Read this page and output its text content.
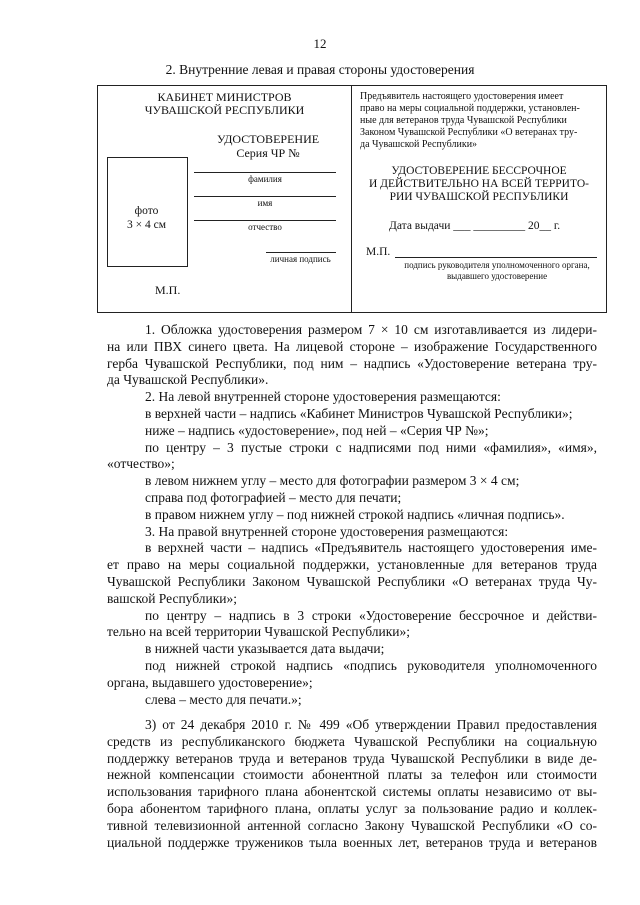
12
2. Внутренние левая и правая стороны удостоверения
КАБИНЕТ МИНИСТРОВ
ЧУВАШСКОЙ РЕСПУБЛИКИ
УДОСТОВЕРЕНИЕ
Серия ЧР №
фамилия
имя
отчество
фото
3 × 4 см
личная подпись
М.П.
Предъявитель настоящего удостоверения имеет
право на меры социальной поддержки, установлен-
ные для ветеранов труда Чувашской Республики
Законом Чувашской Республики «О ветеранах тру-
да Чувашской Республики»
УДОСТОВЕРЕНИЕ БЕССРОЧНОЕ
И ДЕЙСТВИТЕЛЬНО НА ВСЕЙ ТЕРРИТО-
РИИ ЧУВАШСКОЙ РЕСПУБЛИКИ
Дата выдачи ___ _________ 20__ г.
М.П.
подпись руководителя уполномоченного органа,
выдавшего удостоверение

1. Обложка удостоверения размером 7 × 10 см изготавливается из лидери-

на или ПВХ синего цвета. На лицевой стороне – изображение Государственного

герба Чувашской Республики, под ним – надпись «Удостоверение ветерана тру-

да Чувашской Республики».

2. На левой внутренней стороне удостоверения размещаются:

в верхней части – надпись «Кабинет Министров Чувашской Республики»;

ниже – надпись «удостоверение», под ней – «Серия ЧР №»;

по центру – 3 пустые строки с надписями под ними «фамилия», «имя»,

«отчество»;

в левом нижнем углу – место для фотографии размером 3 × 4 см;

справа под фотографией – место для печати;

в правом нижнем углу – под нижней строкой надпись «личная подпись».

3. На правой внутренней стороне удостоверения размещаются:

в верхней части – надпись «Предъявитель настоящего удостоверения име-

ет право на меры социальной поддержки, установленные для ветеранов труда

Чувашской Республики Законом Чувашской Республики «О ветеранах труда Чу-

вашской Республики»;

по центру – надпись в 3 строки «Удостоверение бессрочное и действи-

тельно на всей территории Чувашской Республики»;

в нижней части указывается дата выдачи;

под нижней строкой надпись «подпись руководителя уполномоченного

органа, выдавшего удостоверение»;

слева – место для печати.»;

3) от 24 декабря 2010 г. № 499 «Об утверждении Правил предоставления

средств из республиканского бюджета Чувашской Республики на социальную

поддержку ветеранов труда и ветеранов труда Чувашской Республики в виде де-

нежной компенсации стоимости абонентной платы за телефон или стоимости

использования тарифного плана абонентской системы оплаты независимо от вы-

бора абонентом тарифного плана, оплаты услуг за пользование радио и коллек-

тивной телевизионной антенной согласно Закону Чувашской Республики «О со-

циальной поддержке тружеников тыла военных лет, ветеранов труда и ветеранов
